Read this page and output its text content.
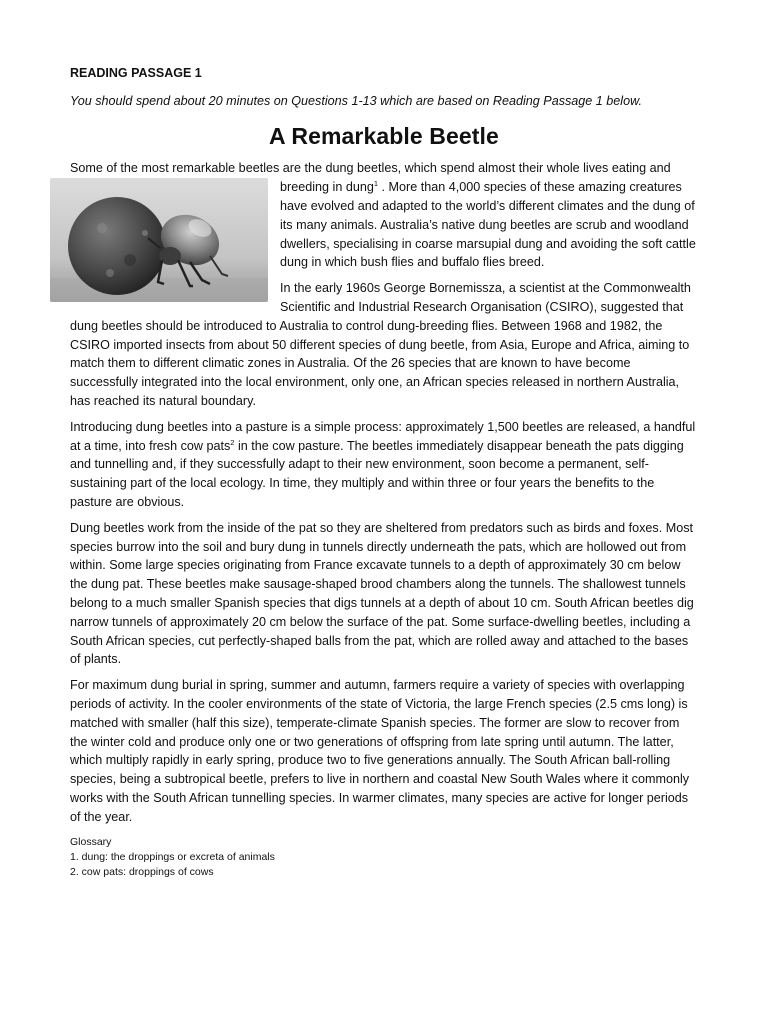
READING PASSAGE 1
You should spend about 20 minutes on Questions 1-13 which are based on Reading Passage 1 below.
A Remarkable Beetle

Some of the most remarkable beetles are the dung beetles, which spend almost their whole lives eating and breeding in dung$^1$ . More than 4,000 species of these amazing creatures have evolved and adapted to the world’s different climates and the dung of its many animals. Australia’s native dung beetles are scrub and woodland dwellers, specialising in coarse marsupial dung and avoiding the soft cattle dung in which bush flies and buffalo flies breed.

In the early 1960s George Bornemissza, a scientist at the Commonwealth Scientific and Industrial Research Organisation (CSIRO), suggested that dung beetles should be introduced to Australia to control dung-breeding flies. Between 1968 and 1982, the CSIRO imported insects from about 50 different species of dung beetle, from Asia, Europe and Africa, aiming to match them to different climatic zones in Australia. Of the 26 species that are known to have become successfully integrated into the local environment, only one, an African species released in northern Australia, has reached its natural boundary.

Introducing dung beetles into a pasture is a simple process: approximately 1,500 beetles are released, a handful at a time, into fresh cow pats$^2$ in the cow pasture. The beetles immediately disappear beneath the pats digging and tunnelling and, if they successfully adapt to their new environment, soon become a permanent, self-sustaining part of the local ecology. In time, they multiply and within three or four years the benefits to the pasture are obvious.

Dung beetles work from the inside of the pat so they are sheltered from predators such as birds and foxes. Most species burrow into the soil and bury dung in tunnels directly underneath the pats, which are hollowed out from within. Some large species originating from France excavate tunnels to a depth of approximately 30 cm below the dung pat. These beetles make sausage-shaped brood chambers along the tunnels. The shallowest tunnels belong to a much smaller Spanish species that digs tunnels at a depth of about 10 cm. South African beetles dig narrow tunnels of approximately 20 cm below the surface of the pat. Some surface-dwelling beetles, including a South African species, cut perfectly-shaped balls from the pat, which are rolled away and attached to the bases of plants.

For maximum dung burial in spring, summer and autumn, farmers require a variety of species with overlapping periods of activity. In the cooler environments of the state of Victoria, the large French species (2.5 cms long) is matched with smaller (half this size), temperate-climate Spanish species. The former are slow to recover from the winter cold and produce only one or two generations of offspring from late spring until autumn. The latter, which multiply rapidly in early spring, produce two to five generations annually. The South African ball-rolling species, being a subtropical beetle, prefers to live in northern and coastal New South Wales where it commonly works with the South African tunnelling species. In warmer climates, many species are active for longer periods of the year.

Glossary
1. dung: the droppings or excreta of animals
2. cow pats: droppings of cows
